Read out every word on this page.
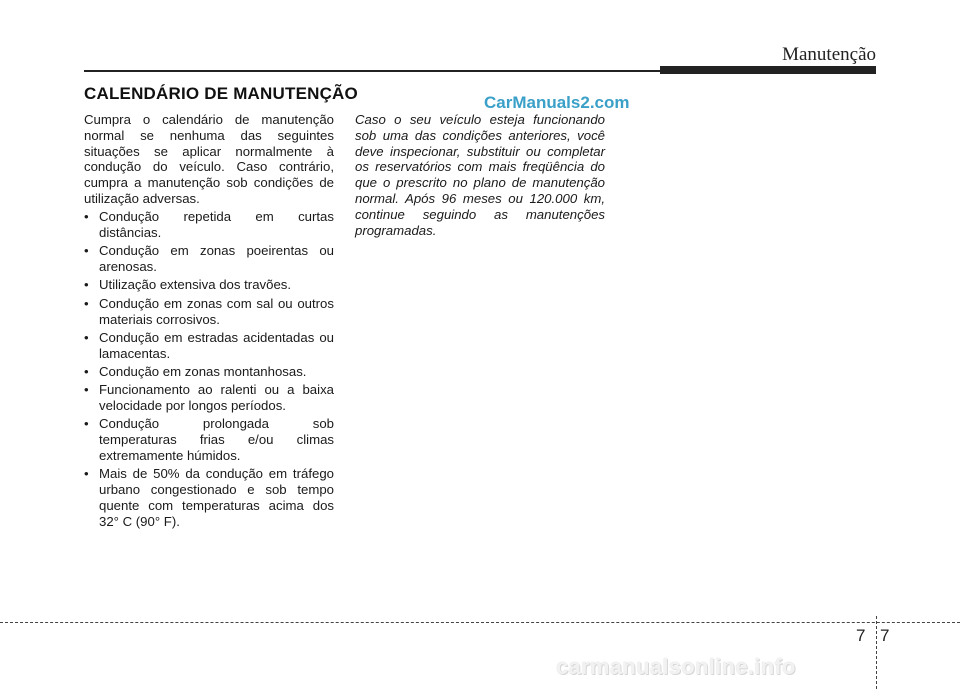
Manutenção
CALENDÁRIO DE MANUTENÇÃO	CarManuals2.com

Cumpra o calendário de manutenção normal se nenhuma das seguintes situações se aplicar normalmente à condução do veículo. Caso contrário, cumpra a manutenção sob condições de utilização adversas.

• Condução repetida em curtas distâncias.
• Condução em zonas poeirentas ou arenosas.
• Utilização extensiva dos travões.
• Condução em zonas com sal ou outros materiais corrosivos.
• Condução em estradas acidentadas ou lamacentas.
• Condução em zonas montanhosas.
• Funcionamento ao ralenti ou a baixa velocidade por longos períodos.
• Condução prolongada sob temperaturas frias e/ou climas extremamente húmidos.
• Mais de 50% da condução em tráfego urbano congestionado e sob tempo quente com temperaturas acima dos 32° C (90° F).
Caso o seu veículo esteja funcionando sob uma das condições anteriores, você deve inspecionar, substituir ou completar os reservatórios com mais freqüência do que o prescrito no plano de manutenção normal. Após 96 meses ou 120.000 km, continue seguindo as manutenções programadas.
7 7
carmanualsonline.info
